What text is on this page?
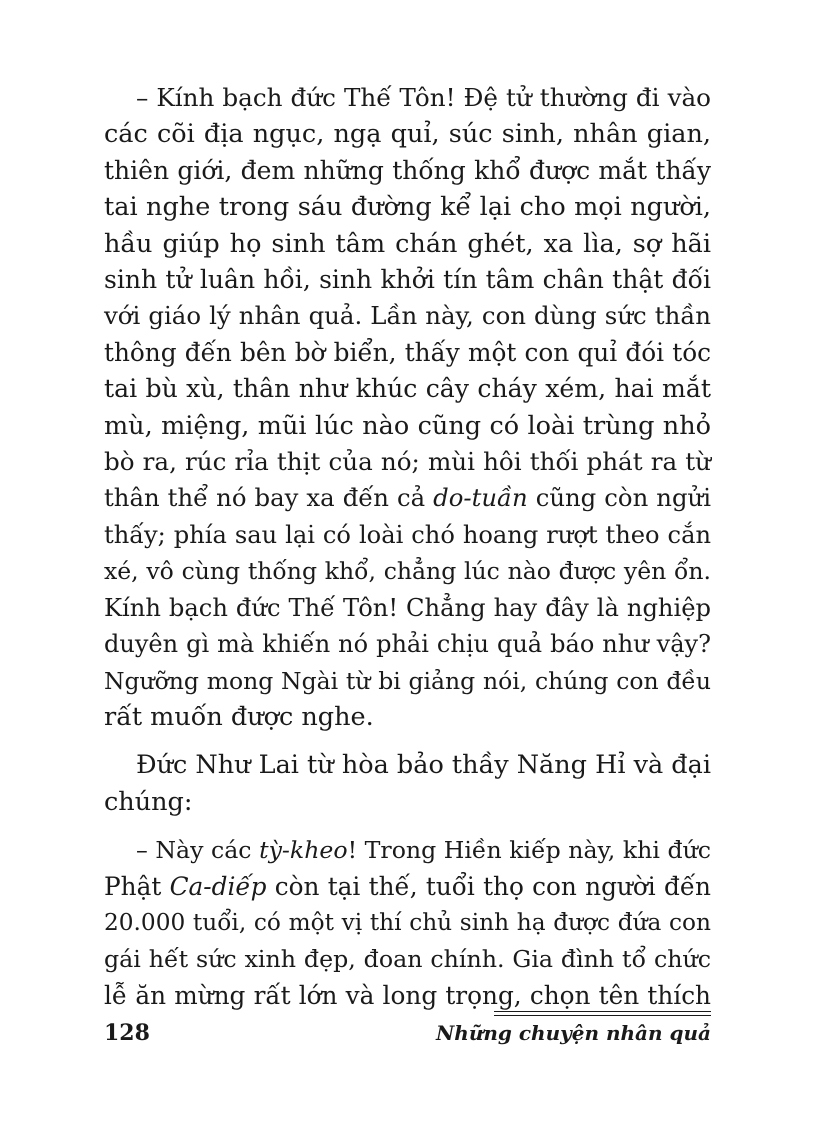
– Kính bạch đức Thế Tôn! Đệ tử thường đi vào
các cõi địa ngục, ngạ quỉ, súc sinh, nhân gian,
thiên giới, đem những thống khổ được mắt thấy
tai nghe trong sáu đường kể lại cho mọi người,
hầu giúp họ sinh tâm chán ghét, xa lìa, sợ hãi
sinh tử luân hồi, sinh khởi tín tâm chân thật đối
với giáo lý nhân quả. Lần này, con dùng sức thần
thông đến bên bờ biển, thấy một con quỉ đói tóc
tai bù xù, thân như khúc cây cháy xém, hai mắt
mù, miệng, mũi lúc nào cũng có loài trùng nhỏ
bò ra, rúc rỉa thịt của nó; mùi hôi thối phát ra từ
thân thể nó bay xa đến cả do-tuần cũng còn ngửi
thấy; phía sau lại có loài chó hoang rượt theo cắn
xé, vô cùng thống khổ, chẳng lúc nào được yên ổn.
Kính bạch đức Thế Tôn! Chẳng hay đây là nghiệp
duyên gì mà khiến nó phải chịu quả báo như vậy?
Ngưỡng mong Ngài từ bi giảng nói, chúng con đều
rất muốn được nghe.
Đức Như Lai từ hòa bảo thầy Năng Hỉ và đại
chúng:
– Này các tỳ-kheo! Trong Hiền kiếp này, khi đức
Phật Ca-diếp còn tại thế, tuổi thọ con người đến
20.000 tuổi, có một vị thí chủ sinh hạ được đứa con
gái hết sức xinh đẹp, đoan chính. Gia đình tổ chức
lễ ăn mừng rất lớn và long trọng, chọn tên thích
128	Những chuyện nhân quả
